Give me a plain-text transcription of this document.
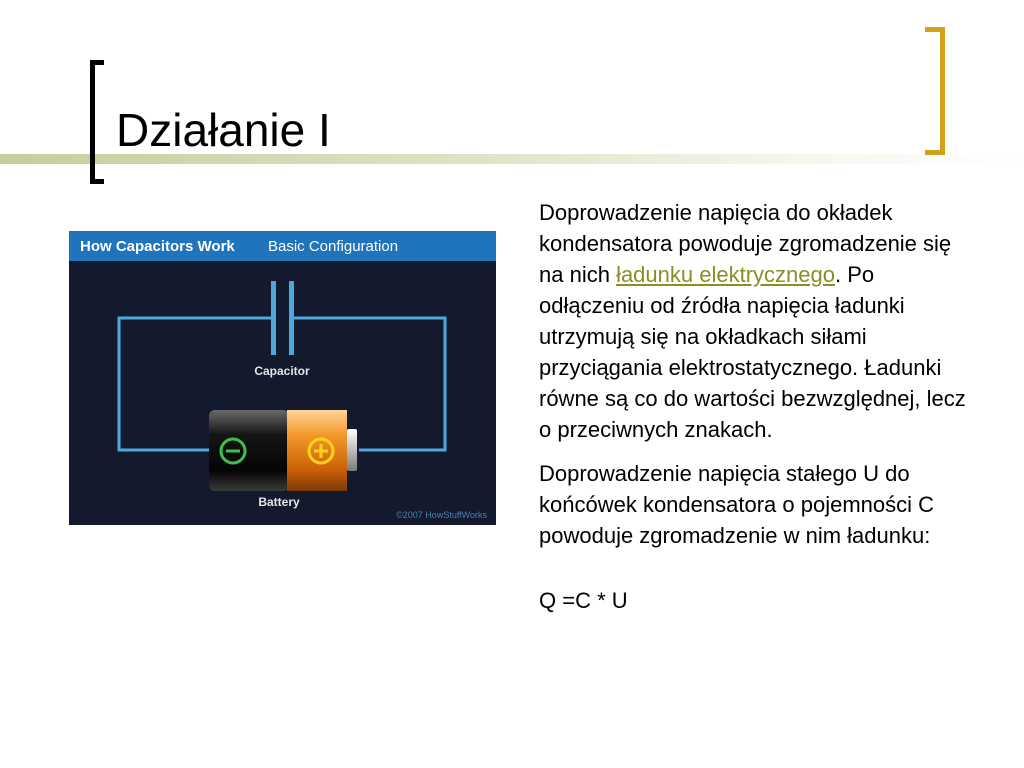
Działanie I
How Capacitors Work Basic Configuration
Capacitor
Battery
©2007 HowStuffWorks

Doprowadzenie napięcia do okładek kondensatora powoduje zgromadzenie się na nich ładunku elektrycznego. Po odłączeniu od źródła napięcia ładunki utrzymują się na okładkach siłami przyciągania elektrostatycznego. Ładunki równe są co do wartości bezwzględnej, lecz o przeciwnych znakach.

Doprowadzenie napięcia stałego U do końcówek kondensatora o pojemności C powoduje zgromadzenie w nim ładunku:

Q =C * U
